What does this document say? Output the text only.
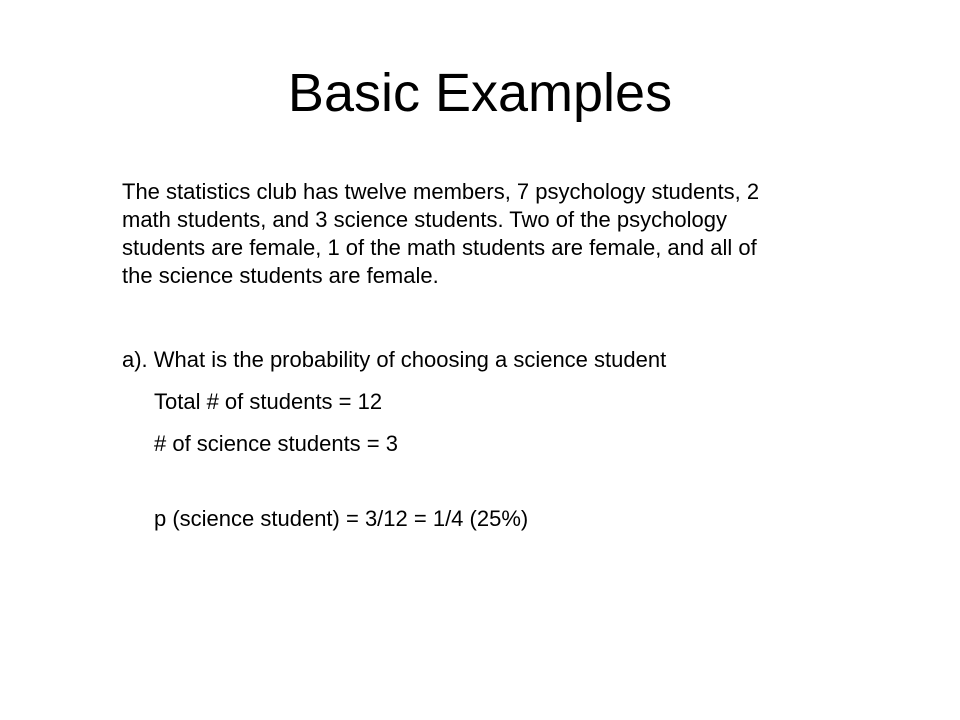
Basic Examples

The statistics club has twelve members, 7 psychology students, 2
math students, and 3 science students. Two of the psychology
students are female, 1 of the math students are female, and all of
the science students are female.

a). What is the probability of choosing a science student

Total # of students = 12

# of science students = 3

p (science student) = 3/12 = 1/4 (25%)
